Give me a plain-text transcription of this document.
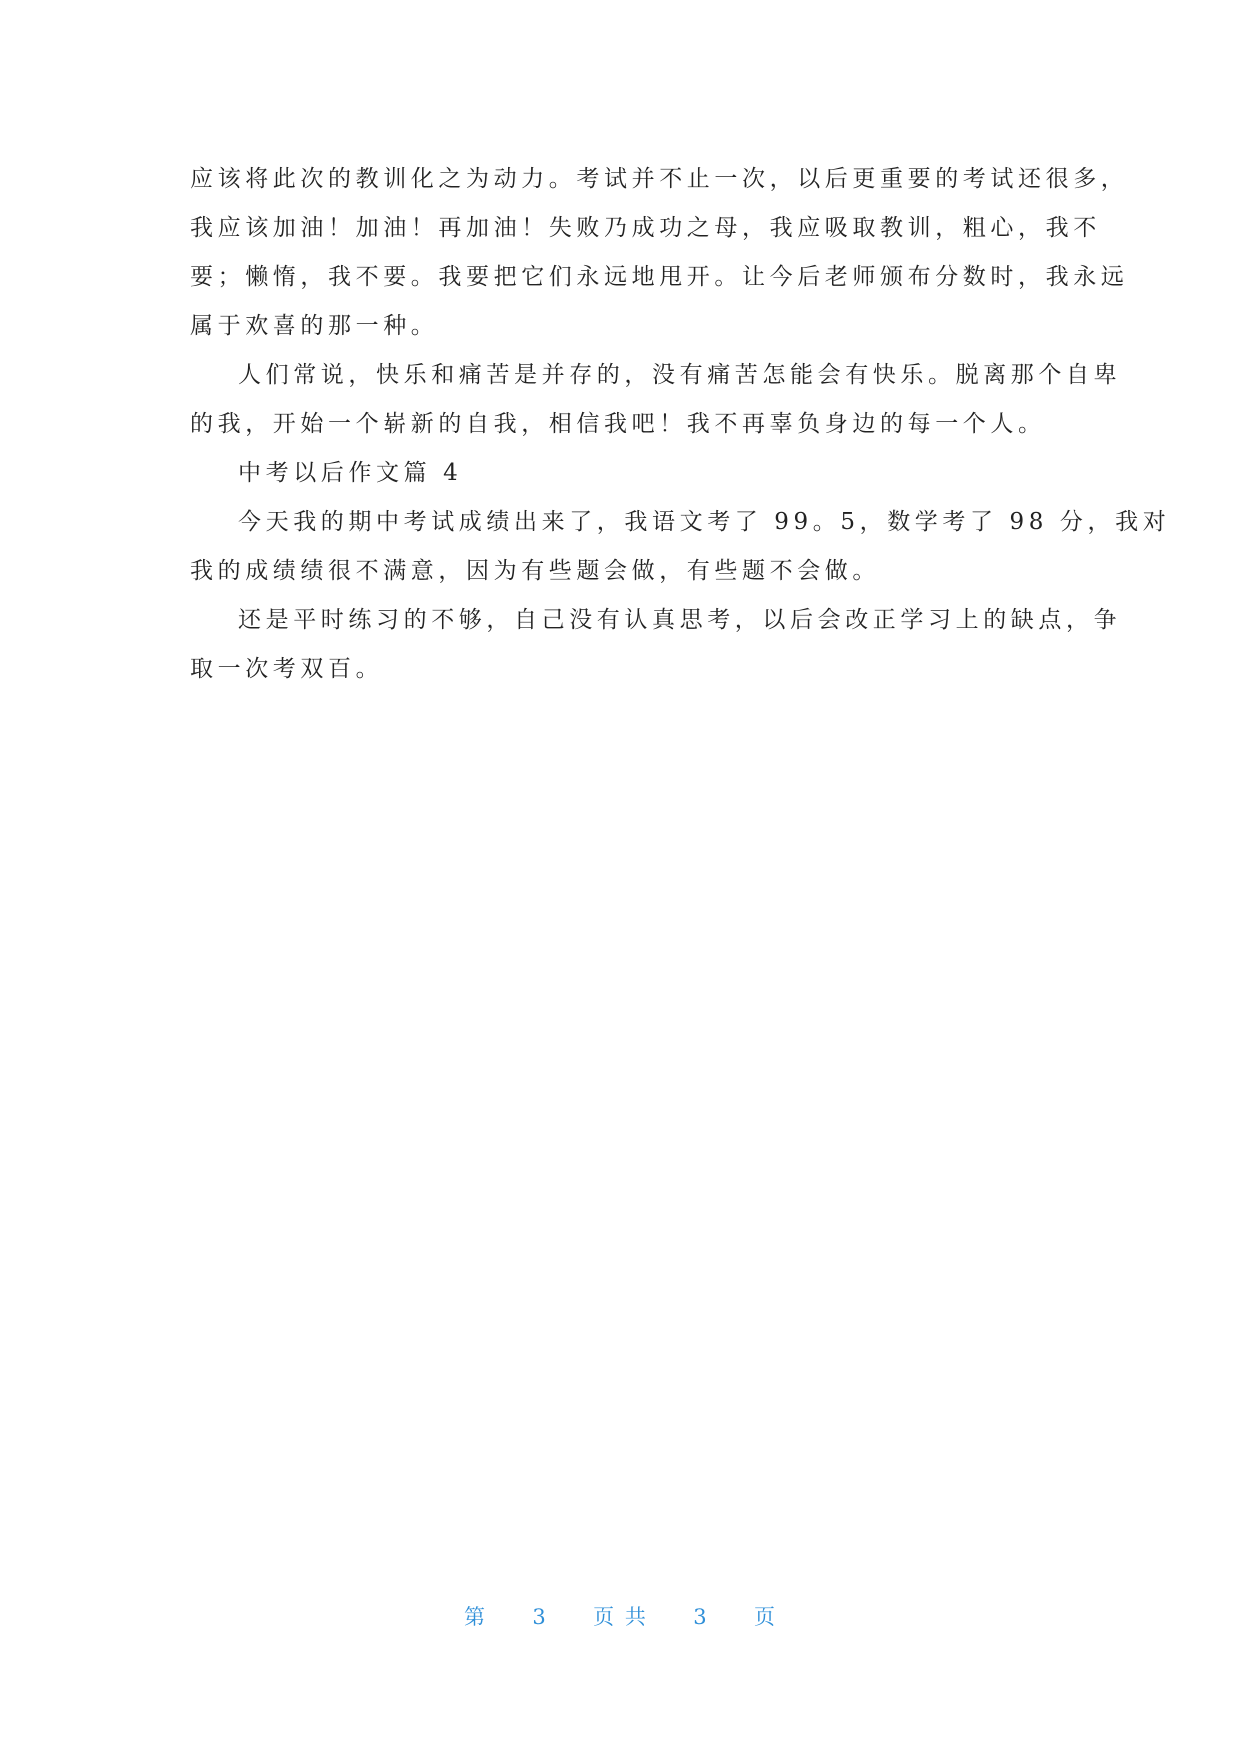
应该将此次的教训化之为动力。考试并不止一次，以后更重要的考试还很多，
我应该加油！加油！再加油！失败乃成功之母，我应吸取教训，粗心，我不
要；懒惰，我不要。我要把它们永远地甩开。让今后老师颁布分数时，我永远
属于欢喜的那一种。
人们常说，快乐和痛苦是并存的，没有痛苦怎能会有快乐。脱离那个自卑
的我，开始一个崭新的自我，相信我吧！我不再辜负身边的每一个人。
中考以后作文篇 4
今天我的期中考试成绩出来了，我语文考了 99。5，数学考了 98 分，我对
我的成绩绩很不满意，因为有些题会做，有些题不会做。
还是平时练习的不够，自己没有认真思考，以后会改正学习上的缺点，争
取一次考双百。
第 3 页 共 3 页
